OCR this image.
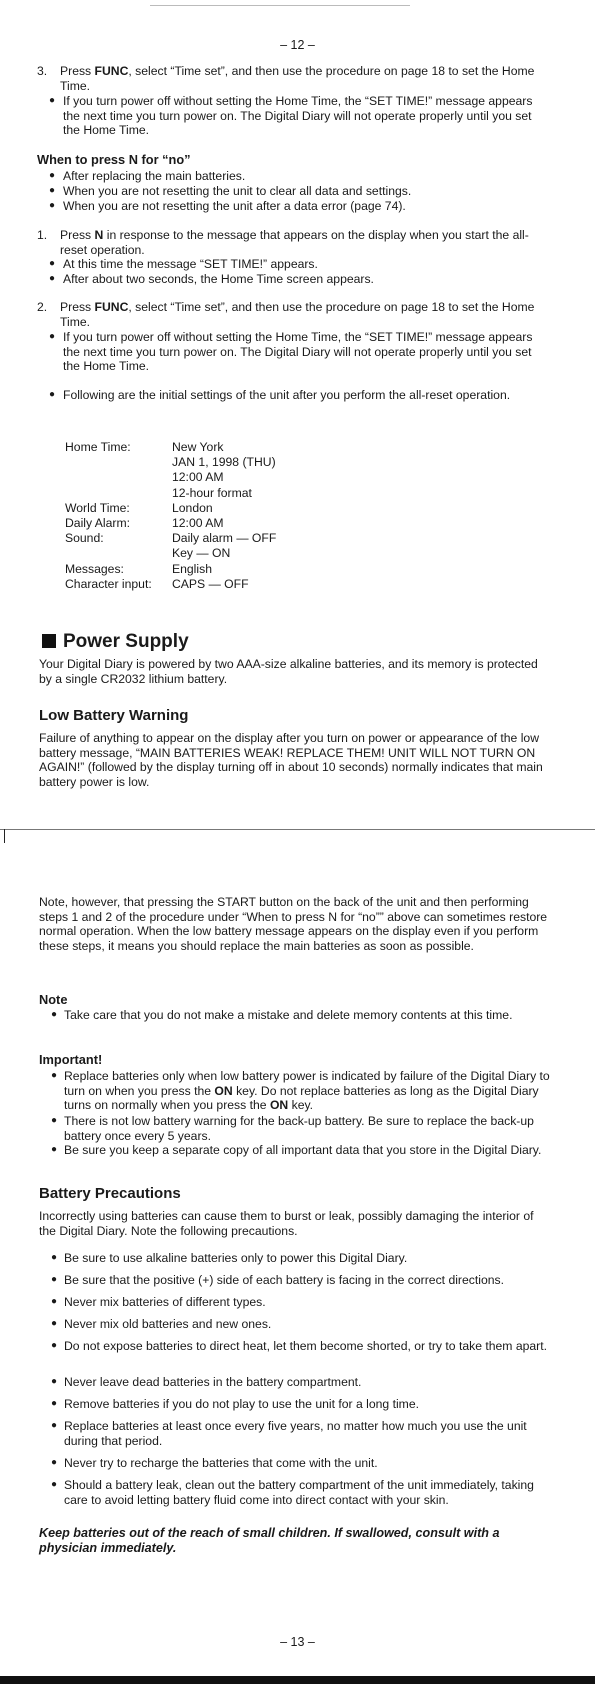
– 12 –
3. Press FUNC, select “Time set”, and then use the procedure on page 18 to set the Home Time.
● If you turn power off without setting the Home Time, the “SET TIME!” message appears the next time you turn power on. The Digital Diary will not operate properly until you set the Home Time.
When to press N for “no”
● After replacing the main batteries.
● When you are not resetting the unit to clear all data and settings.
● When you are not resetting the unit after a data error (page 74).
1. Press N in response to the message that appears on the display when you start the all-reset operation.
● At this time the message “SET TIME!” appears.
● After about two seconds, the Home Time screen appears.
2. Press FUNC, select “Time set”, and then use the procedure on page 18 to set the Home Time.
● If you turn power off without setting the Home Time, the “SET TIME!” message appears the next time you turn power on. The Digital Diary will not operate properly until you set the Home Time.
● Following are the initial settings of the unit after you perform the all-reset operation.
Home Time:	New York
JAN 1, 1998 (THU)
12:00 AM
12-hour format
World Time:	London
Daily Alarm:	12:00 AM
Sound:	Daily alarm — OFF
Key — ON
Messages:	English
Character input:	CAPS — OFF
Power Supply
Your Digital Diary is powered by two AAA-size alkaline batteries, and its memory is protected by a single CR2032 lithium battery.
Low Battery Warning
Failure of anything to appear on the display after you turn on power or appearance of the low battery message, “MAIN BATTERIES WEAK! REPLACE THEM! UNIT WILL NOT TURN ON AGAIN!” (followed by the display turning off in about 10 seconds) normally indicates that main battery power is low.
Note, however, that pressing the START button on the back of the unit and then performing steps 1 and 2 of the procedure under “When to press N for “no”” above can sometimes restore normal operation. When the low battery message appears on the display even if you perform these steps, it means you should replace the main batteries as soon as possible.
Note
● Take care that you do not make a mistake and delete memory contents at this time.
Important!
● Replace batteries only when low battery power is indicated by failure of the Digital Diary to turn on when you press the ON key. Do not replace batteries as long as the Digital Diary turns on normally when you press the ON key.
● There is not low battery warning for the back-up battery. Be sure to replace the back-up battery once every 5 years.
● Be sure you keep a separate copy of all important data that you store in the Digital Diary.
Battery Precautions
Incorrectly using batteries can cause them to burst or leak, possibly damaging the interior of the Digital Diary. Note the following precautions.
● Be sure to use alkaline batteries only to power this Digital Diary.
● Be sure that the positive (+) side of each battery is facing in the correct directions.
● Never mix batteries of different types.
● Never mix old batteries and new ones.
● Do not expose batteries to direct heat, let them become shorted, or try to take them apart.
● Never leave dead batteries in the battery compartment.
● Remove batteries if you do not play to use the unit for a long time.
● Replace batteries at least once every five years, no matter how much you use the unit during that period.
● Never try to recharge the batteries that come with the unit.
● Should a battery leak, clean out the battery compartment of the unit immediately, taking care to avoid letting battery fluid come into direct contact with your skin.
Keep batteries out of the reach of small children. If swallowed, consult with a physician immediately.
– 13 –
